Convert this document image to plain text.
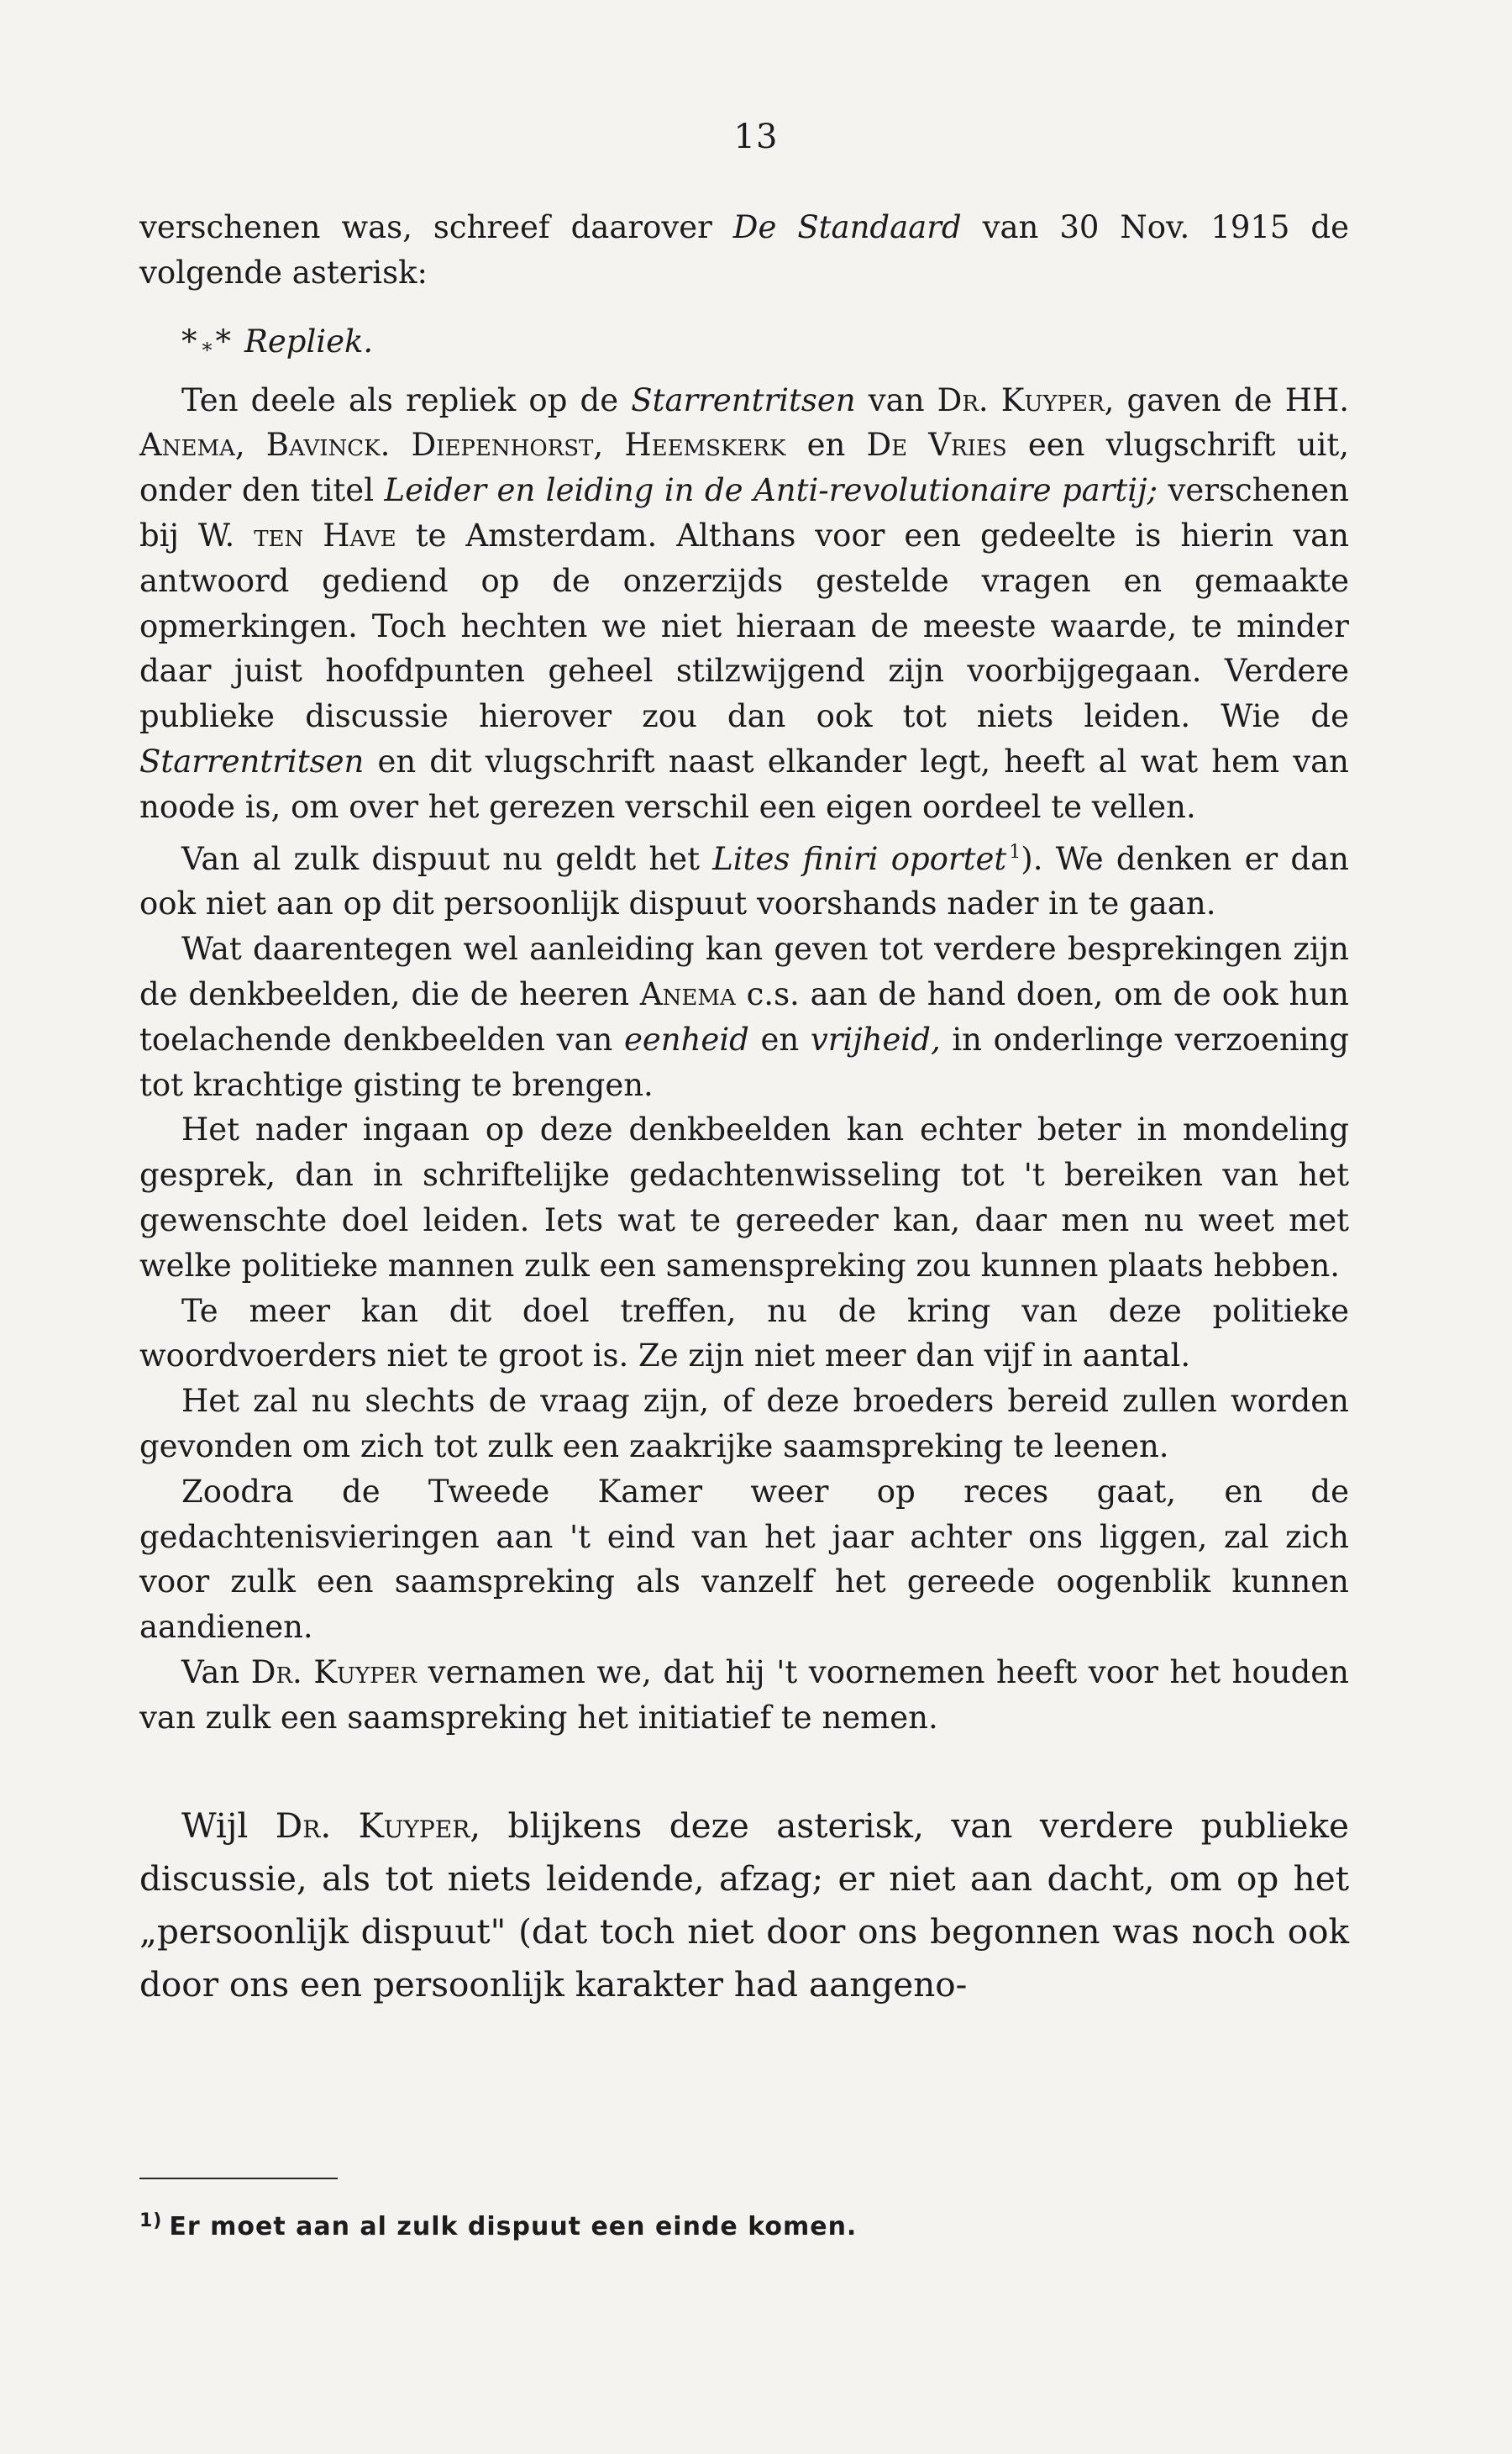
13

verschenen was, schreef daarover De Standaard van 30 Nov. 1915 de volgende asterisk:

* * * Repliek.

Ten deele als repliek op de Starrentritsen van Dr. Kuyper, gaven de HH. Anema, Bavinck. Diepenhorst, Heemskerk en De Vries een vlugschrift uit, onder den titel Leider en leiding in de Anti-revolutionaire partij; verschenen bij W. ten Have te Amsterdam. Althans voor een gedeelte is hierin van antwoord gediend op de onzerzijds gestelde vragen en gemaakte opmerkingen. Toch hechten we niet hieraan de meeste waarde, te minder daar juist hoofdpunten geheel stilzwijgend zijn voorbijgegaan. Verdere publieke discussie hierover zou dan ook tot niets leiden. Wie de Starrentritsen en dit vlugschrift naast elkander legt, heeft al wat hem van noode is, om over het gerezen verschil een eigen oordeel te vellen.

Van al zulk dispuut nu geldt het Lites finiri oportet $^1$). We denken er dan ook niet aan op dit persoonlijk dispuut voorshands nader in te gaan.

Wat daarentegen wel aanleiding kan geven tot verdere besprekingen zijn de denkbeelden, die de heeren Anema c.s. aan de hand doen, om de ook hun toelachende denkbeelden van eenheid en vrijheid, in onderlinge verzoening tot krachtige gisting te brengen.

Het nader ingaan op deze denkbeelden kan echter beter in mondeling gesprek, dan in schriftelijke gedachtenwisseling tot 't bereiken van het gewenschte doel leiden. Iets wat te gereeder kan, daar men nu weet met welke politieke mannen zulk een samenspreking zou kunnen plaats hebben.

Te meer kan dit doel treffen, nu de kring van deze politieke woordvoerders niet te groot is. Ze zijn niet meer dan vijf in aantal.

Het zal nu slechts de vraag zijn, of deze broeders bereid zullen worden gevonden om zich tot zulk een zaakrijke saamspreking te leenen.

Zoodra de Tweede Kamer weer op reces gaat, en de gedachtenisvieringen aan 't eind van het jaar achter ons liggen, zal zich voor zulk een saamspreking als vanzelf het gereede oogenblik kunnen aandienen.

Van Dr. Kuyper vernamen we, dat hij 't voornemen heeft voor het houden van zulk een saamspreking het initiatief te nemen.

Wijl Dr. Kuyper, blijkens deze asterisk, van verdere publieke discussie, als tot niets leidende, afzag; er niet aan dacht, om op het „persoonlijk dispuut" (dat toch niet door ons begonnen was noch ook door ons een persoonlijk karakter had aangeno-

$^{1)}$ Er moet aan al zulk dispuut een einde komen.
